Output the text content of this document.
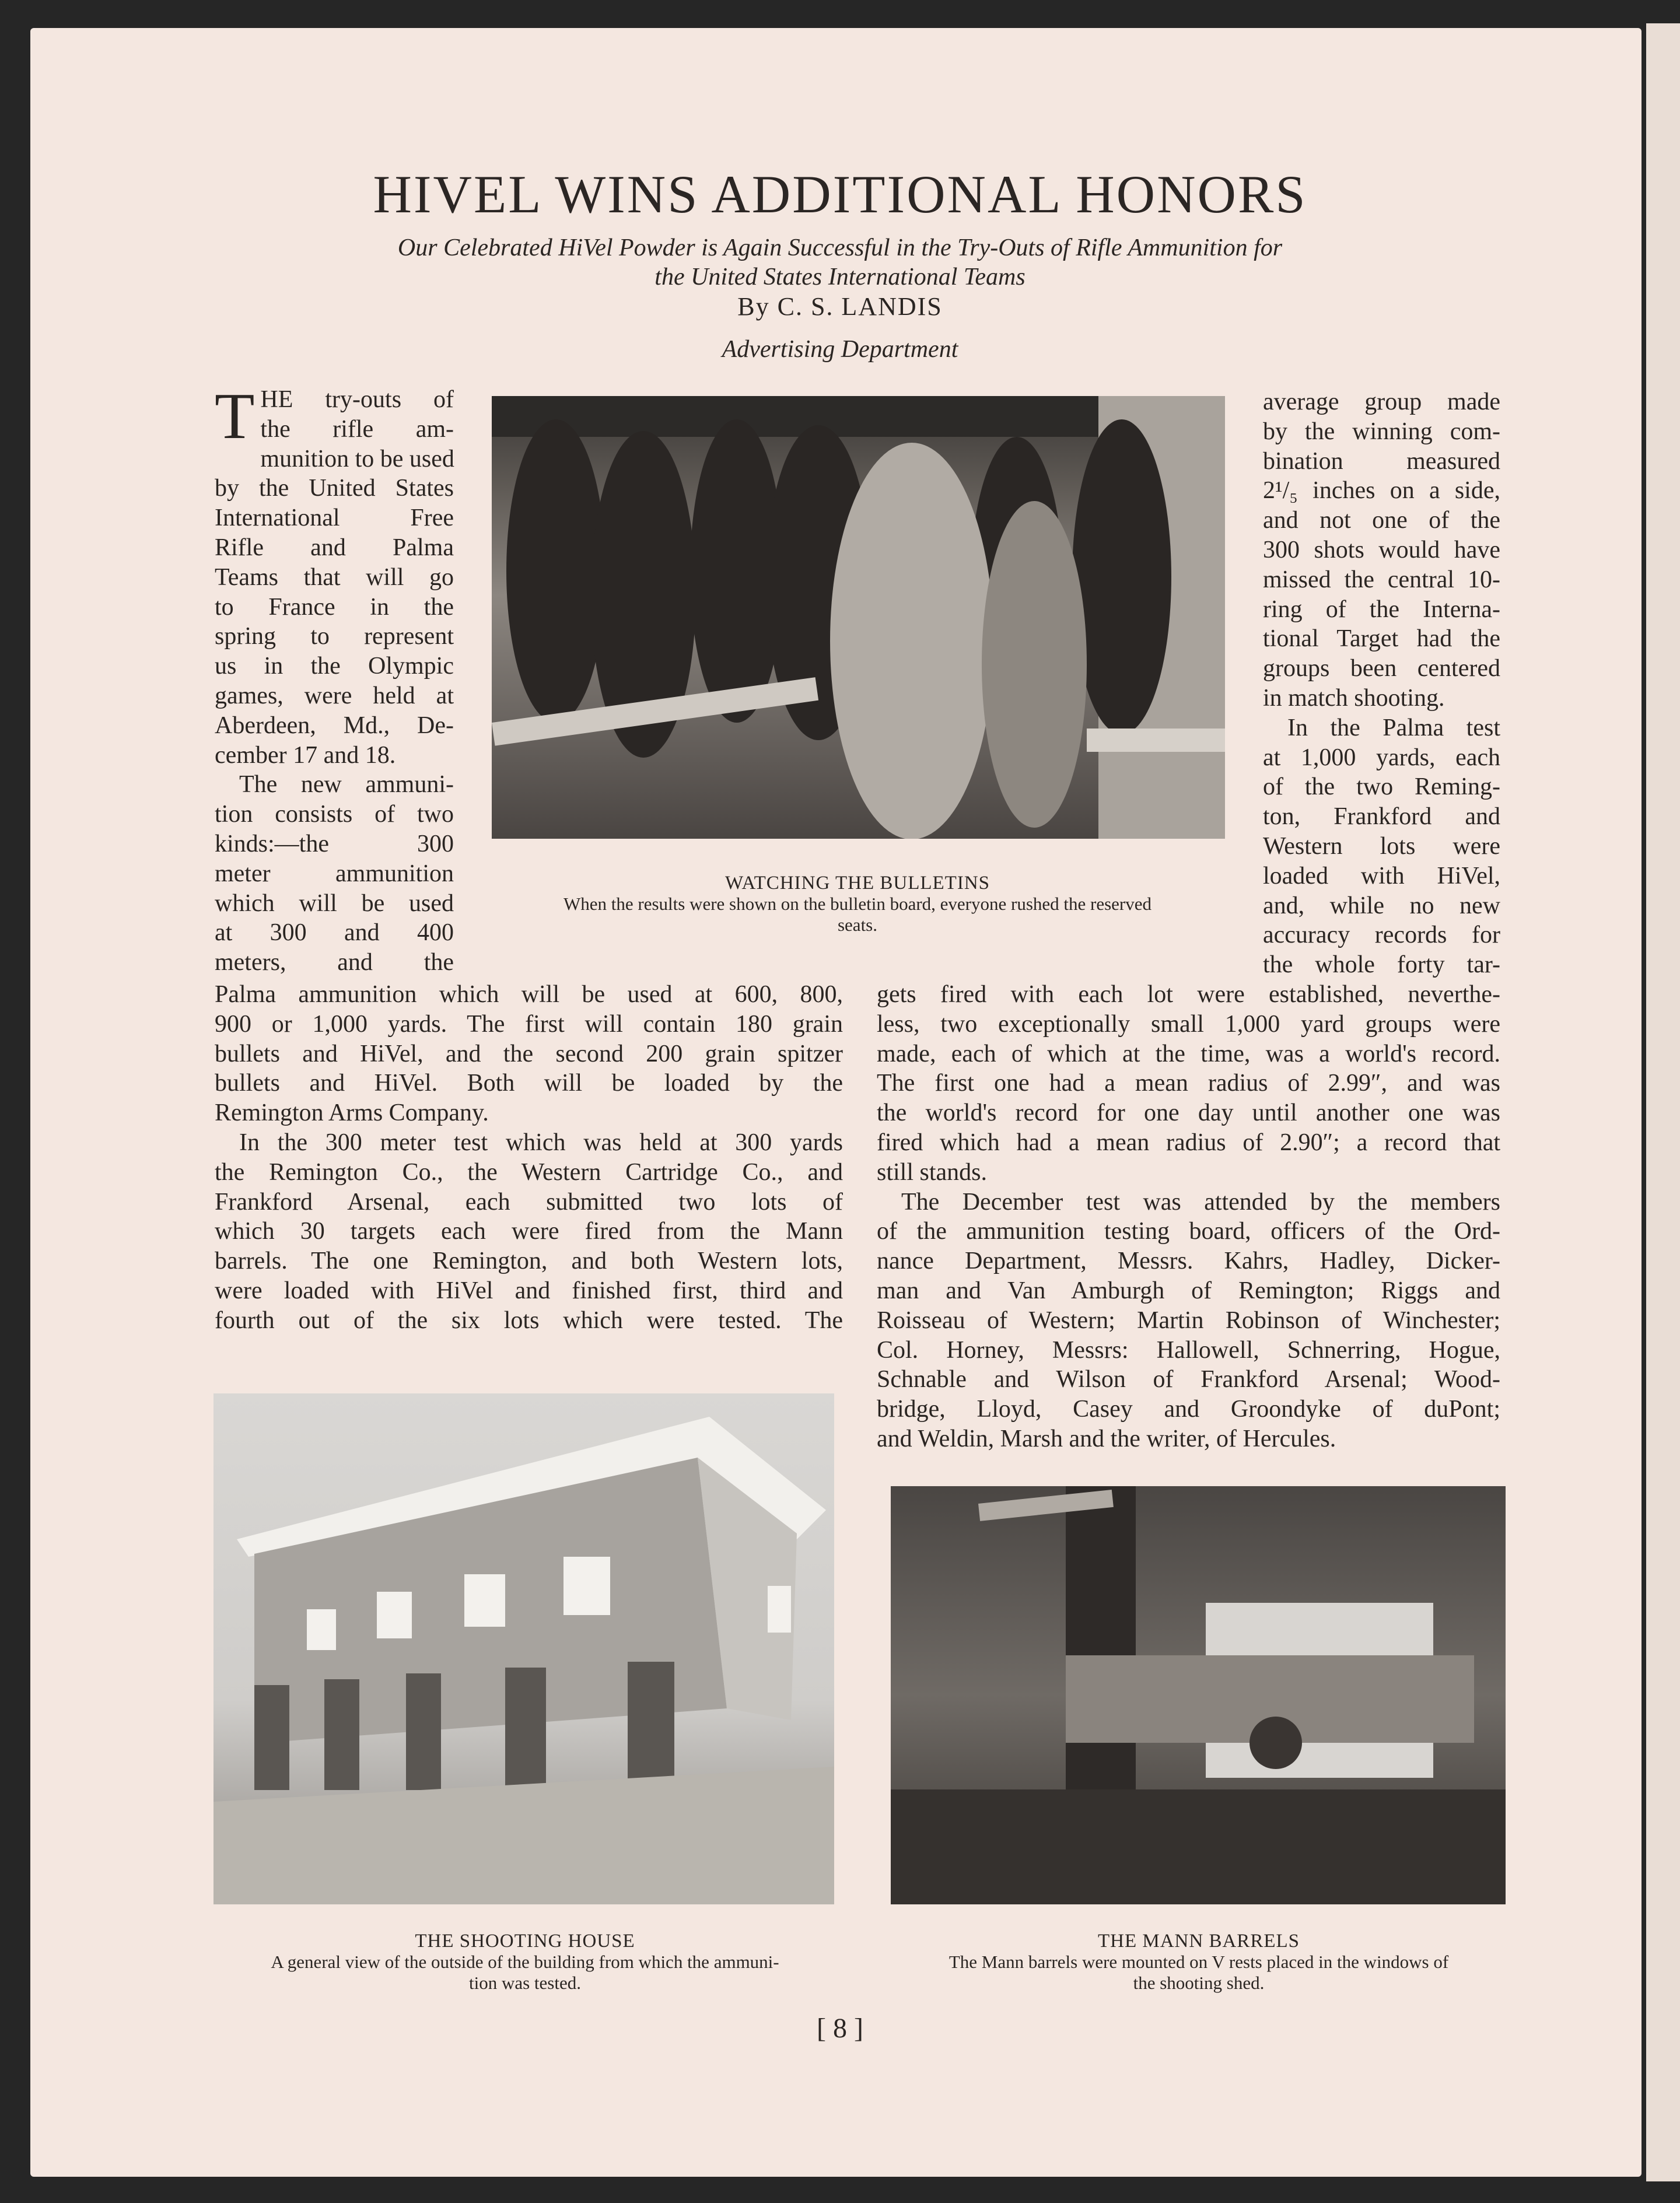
HIVEL WINS ADDITIONAL HONORS
Our Celebrated HiVel Powder is Again Successful in the Try-Outs of Rifle Ammunition for
the United States International Teams
By C. S. LANDIS
Advertising Department
WATCHING THE BULLETINS
When the results were shown on the bulletin board, everyone rushed the reserved
seats.
T HE try-outs of
the rifle am-
munition to be used
by the United States
International Free
Rifle and Palma
Teams that will go
to France in the
spring to represent
us in the Olympic
games, were held at
Aberdeen, Md., De-
cember 17 and 18.
The new ammuni-
tion consists of two
kinds:—the 300
meter ammunition
which will be used
at 300 and 400
meters, and the
Palma ammunition which will be used at 600, 800,
900 or 1,000 yards. The first will contain 180 grain
bullets and HiVel, and the second 200 grain spitzer
bullets and HiVel. Both will be loaded by the
Remington Arms Company.
In the 300 meter test which was held at 300 yards
the Remington Co., the Western Cartridge Co., and
Frankford Arsenal, each submitted two lots of
which 30 targets each were fired from the Mann
barrels. The one Remington, and both Western lots,
were loaded with HiVel and finished first, third and
fourth out of the six lots which were tested. The
average group made
by the winning com-
bination measured
2¹/₅ inches on a side,
and not one of the
300 shots would have
missed the central 10-
ring of the Interna-
tional Target had the
groups been centered
in match shooting.
In the Palma test
at 1,000 yards, each
of the two Reming-
ton, Frankford and
Western lots were
loaded with HiVel,
and, while no new
accuracy records for
the whole forty tar-
gets fired with each lot were established, neverthe-
less, two exceptionally small 1,000 yard groups were
made, each of which at the time, was a world's record.
The first one had a mean radius of 2.99″, and was
the world's record for one day until another one was
fired which had a mean radius of 2.90″; a record that
still stands.
The December test was attended by the members
of the ammunition testing board, officers of the Ord-
nance Department, Messrs. Kahrs, Hadley, Dicker-
man and Van Amburgh of Remington; Riggs and
Roisseau of Western; Martin Robinson of Winchester;
Col. Horney, Messrs: Hallowell, Schnerring, Hogue,
Schnable and Wilson of Frankford Arsenal; Wood-
bridge, Lloyd, Casey and Groondyke of duPont;
and Weldin, Marsh and the writer, of Hercules.
THE SHOOTING HOUSE
A general view of the outside of the building from which the ammuni-
tion was tested.
THE MANN BARRELS
The Mann barrels were mounted on V rests placed in the windows of
the shooting shed.
[ 8 ]
